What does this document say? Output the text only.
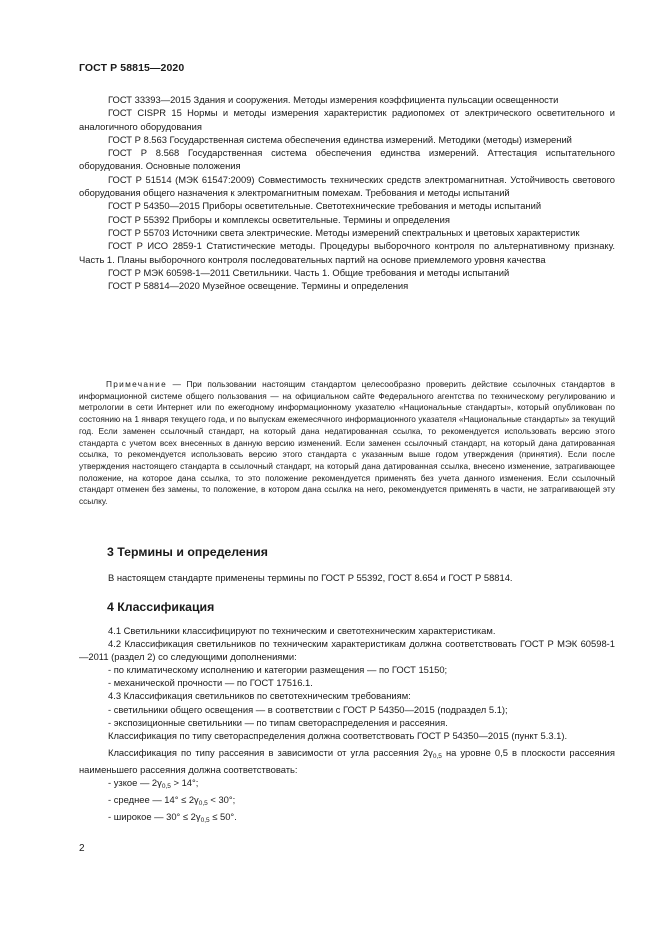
ГОСТ Р 58815—2020

ГОСТ 33393—2015 Здания и сооружения. Методы измерения коэффициента пульсации освещенности

ГОСТ CISPR 15 Нормы и методы измерения характеристик радиопомех от электрического осветительного и аналогичного оборудования

ГОСТ Р 8.563 Государственная система обеспечения единства измерений. Методики (методы) измерений

ГОСТ Р 8.568 Государственная система обеспечения единства измерений. Аттестация испытательного оборудования. Основные положения

ГОСТ Р 51514 (МЭК 61547:2009) Совместимость технических средств электромагнитная. Устойчивость светового оборудования общего назначения к электромагнитным помехам. Требования и методы испытаний

ГОСТ Р 54350—2015 Приборы осветительные. Светотехнические требования и методы испытаний

ГОСТ Р 55392 Приборы и комплексы осветительные. Термины и определения

ГОСТ Р 55703 Источники света электрические. Методы измерений спектральных и цветовых характеристик

ГОСТ Р ИСО 2859-1 Статистические методы. Процедуры выборочного контроля по альтернативному признаку. Часть 1. Планы выборочного контроля последовательных партий на основе приемлемого уровня качества

ГОСТ Р МЭК 60598-1—2011 Светильники. Часть 1. Общие требования и методы испытаний

ГОСТ Р 58814—2020 Музейное освещение. Термины и определения

Примечание — При пользовании настоящим стандартом целесообразно проверить действие ссылочных стандартов в информационной системе общего пользования — на официальном сайте Федерального агентства по техническому регулированию и метрологии в сети Интернет или по ежегодному информационному указателю «Национальные стандарты», который опубликован по состоянию на 1 января текущего года, и по выпускам ежемесячного информационного указателя «Национальные стандарты» за текущий год. Если заменен ссылочный стандарт, на который дана недатированная ссылка, то рекомендуется использовать версию этого стандарта с учетом всех внесенных в данную версию изменений. Если заменен ссылочный стандарт, на который дана датированная ссылка, то рекомендуется использовать версию этого стандарта с указанным выше годом утверждения (принятия). Если после утверждения настоящего стандарта в ссылочный стандарт, на который дана датированная ссылка, внесено изменение, затрагивающее положение, на которое дана ссылка, то это положение рекомендуется применять без учета данного изменения. Если ссылочный стандарт отменен без замены, то положение, в котором дана ссылка на него, рекомендуется применять в части, не затрагивающей эту ссылку.

3 Термины и определения
В настоящем стандарте применены термины по ГОСТ Р 55392, ГОСТ 8.654 и ГОСТ Р 58814.
4 Классификация

4.1 Светильники классифицируют по техническим и светотехническим характеристикам.

4.2 Классификация светильников по техническим характеристикам должна соответствовать ГОСТ Р МЭК 60598-1—2011 (раздел 2) со следующими дополнениями:

- по климатическому исполнению и категории размещения — по ГОСТ 15150;

- механической прочности — по ГОСТ 17516.1.

4.3 Классификация светильников по светотехническим требованиям:

- светильники общего освещения — в соответствии с ГОСТ Р 54350—2015 (подраздел 5.1);

- экспозиционные светильники — по типам светораспределения и рассеяния.

Классификация по типу светораспределения должна соответствовать ГОСТ Р 54350—2015 (пункт 5.3.1).

Классификация по типу рассеяния в зависимости от угла рассеяния $2\gamma_{0,5}$ на уровне 0,5 в плоскости рассеяния наименьшего рассеяния должна соответствовать:

- узкое — $2\gamma_{0,5} > 14^\circ$;

- среднее — $14^\circ \le 2\gamma_{0,5} < 30^\circ$;

- широкое — $30^\circ \le 2\gamma_{0,5} \le 50^\circ$.

2
